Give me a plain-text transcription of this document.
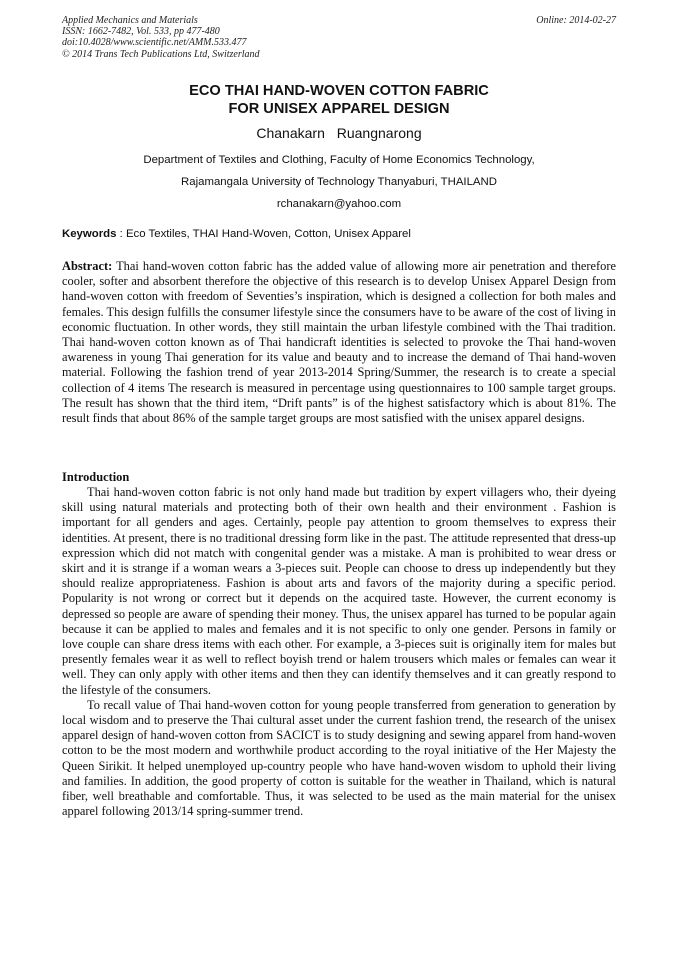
Applied Mechanics and Materials
ISSN: 1662-7482, Vol. 533, pp 477-480
doi:10.4028/www.scientific.net/AMM.533.477
© 2014 Trans Tech Publications Ltd, Switzerland
Online: 2014-02-27
ECO THAI HAND-WOVEN COTTON FABRIC
FOR UNISEX APPAREL DESIGN
Chanakarn Ruangnarong
Department of Textiles and Clothing, Faculty of Home Economics Technology,
Rajamangala University of Technology Thanyaburi, THAILAND
rchanakarn@yahoo.com
Keywords : Eco Textiles, THAI Hand-Woven, Cotton, Unisex Apparel
Abstract: Thai hand-woven cotton fabric has the added value of allowing more air penetration and therefore cooler, softer and absorbent therefore the objective of this research is to develop Unisex Apparel Design from hand-woven cotton with freedom of Seventies’s inspiration, which is designed a collection for both males and females. This design fulfills the consumer lifestyle since the consumers have to be aware of the cost of living in economic fluctuation. In other words, they still maintain the urban lifestyle combined with the Thai tradition. Thai hand-woven cotton known as of Thai handicraft identities is selected to provoke the Thai hand-woven awareness in young Thai generation for its value and beauty and to increase the demand of Thai hand-woven material. Following the fashion trend of year 2013-2014 Spring/Summer, the research is to create a special collection of 4 items The research is measured in percentage using questionnaires to 100 sample target groups. The result has shown that the third item, “Drift pants” is of the highest satisfactory which is about 81%. The result finds that about 86% of the sample target groups are most satisfied with the unisex apparel designs.
Introduction

Thai hand-woven cotton fabric is not only hand made but tradition by expert villagers who, their dyeing skill using natural materials and protecting both of their own health and their environment . Fashion is important for all genders and ages. Certainly, people pay attention to groom themselves to express their identities. At present, there is no traditional dressing form like in the past. The attitude represented that dress-up expression which did not match with congenital gender was a mistake. A man is prohibited to wear dress or skirt and it is strange if a woman wears a 3-pieces suit. People can choose to dress up independently but they should realize appropriateness. Fashion is about arts and favors of the majority during a specific period. Popularity is not wrong or correct but it depends on the acquired taste. However, the current economy is depressed so people are aware of spending their money. Thus, the unisex apparel has turned to be popular again because it can be applied to males and females and it is not specific to only one gender. Persons in family or love couple can share dress items with each other. For example, a 3-pieces suit is originally item for males but presently females wear it as well to reflect boyish trend or halem trousers which males or females can wear it well. They can only apply with other items and then they can identify themselves and it can greatly respond to the lifestyle of the consumers.

To recall value of Thai hand-woven cotton for young people transferred from generation to generation by local wisdom and to preserve the Thai cultural asset under the current fashion trend, the research of the unisex apparel design of hand-woven cotton from SACICT is to study designing and sewing apparel from hand-woven cotton to be the most modern and worthwhile product according to the royal initiative of the Her Majesty the Queen Sirikit. It helped unemployed up-country people who have hand-woven wisdom to uphold their living and families. In addition, the good property of cotton is suitable for the weather in Thailand, which is natural fiber, well breathable and comfortable. Thus, it was selected to be used as the main material for the unisex apparel following 2013/14 spring-summer trend.
